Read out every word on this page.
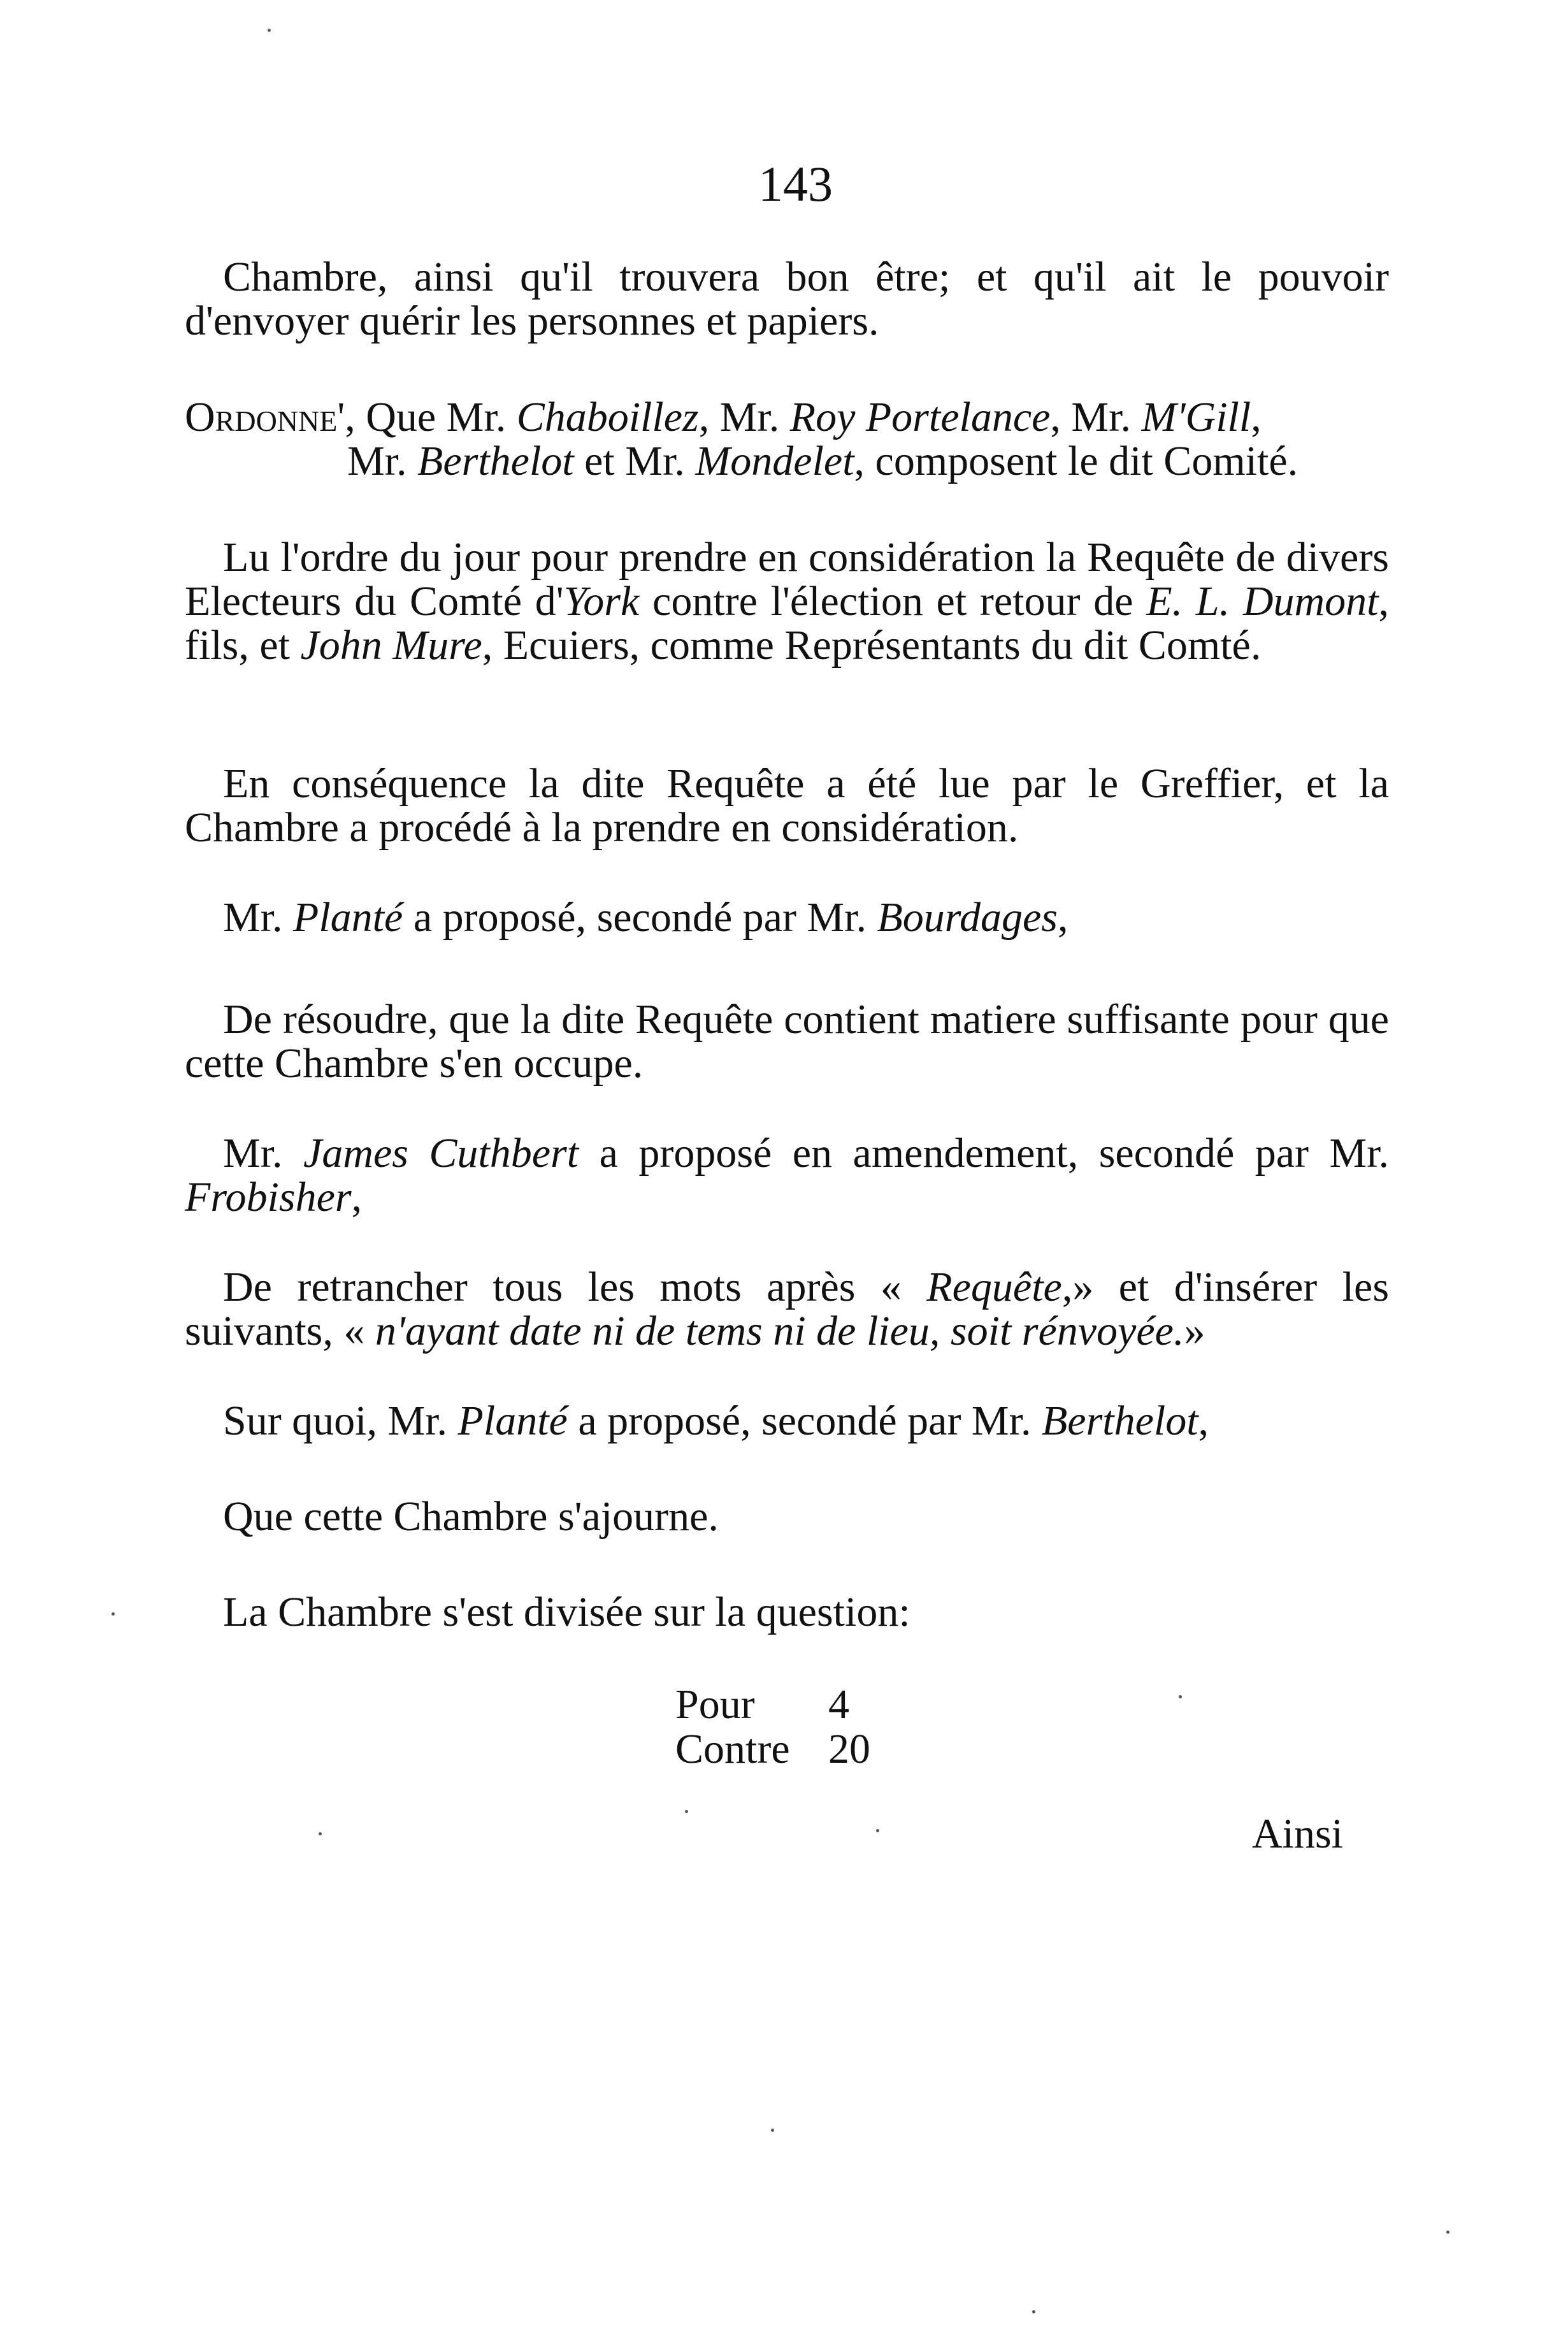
143

Chambre, ainsi qu'il trouvera bon être; et qu'il ait le pouvoir d'envoyer quérir les personnes et papiers.

Ordonne', Que Mr. Chaboillez, Mr. Roy Portelance, Mr. M'Gill,

Mr. Berthelot et Mr. Mondelet, composent le dit Comité.

Lu l'ordre du jour pour prendre en considération la Requête de divers Electeurs du Comté d'York contre l'élection et retour de E. L. Dumont, fils, et John Mure, Ecuiers, comme Représentants du dit Comté.

En conséquence la dite Requête a été lue par le Greffier, et la Chambre a procédé à la prendre en considération.

Mr. Planté a proposé, secondé par Mr. Bourdages,

De résoudre, que la dite Requête contient matiere suffisante pour que cette Chambre s'en occupe.

Mr. James Cuthbert a proposé en amendement, secondé par Mr. Frobisher,

De retrancher tous les mots après « Requête,» et d'insérer les suivants, « n'ayant date ni de tems ni de lieu, soit rénvoyée.»

Sur quoi, Mr. Planté a proposé, secondé par Mr. Berthelot,

Que cette Chambre s'ajourne.

La Chambre s'est divisée sur la question:

Pour	4
Contre 20
Ainsi
